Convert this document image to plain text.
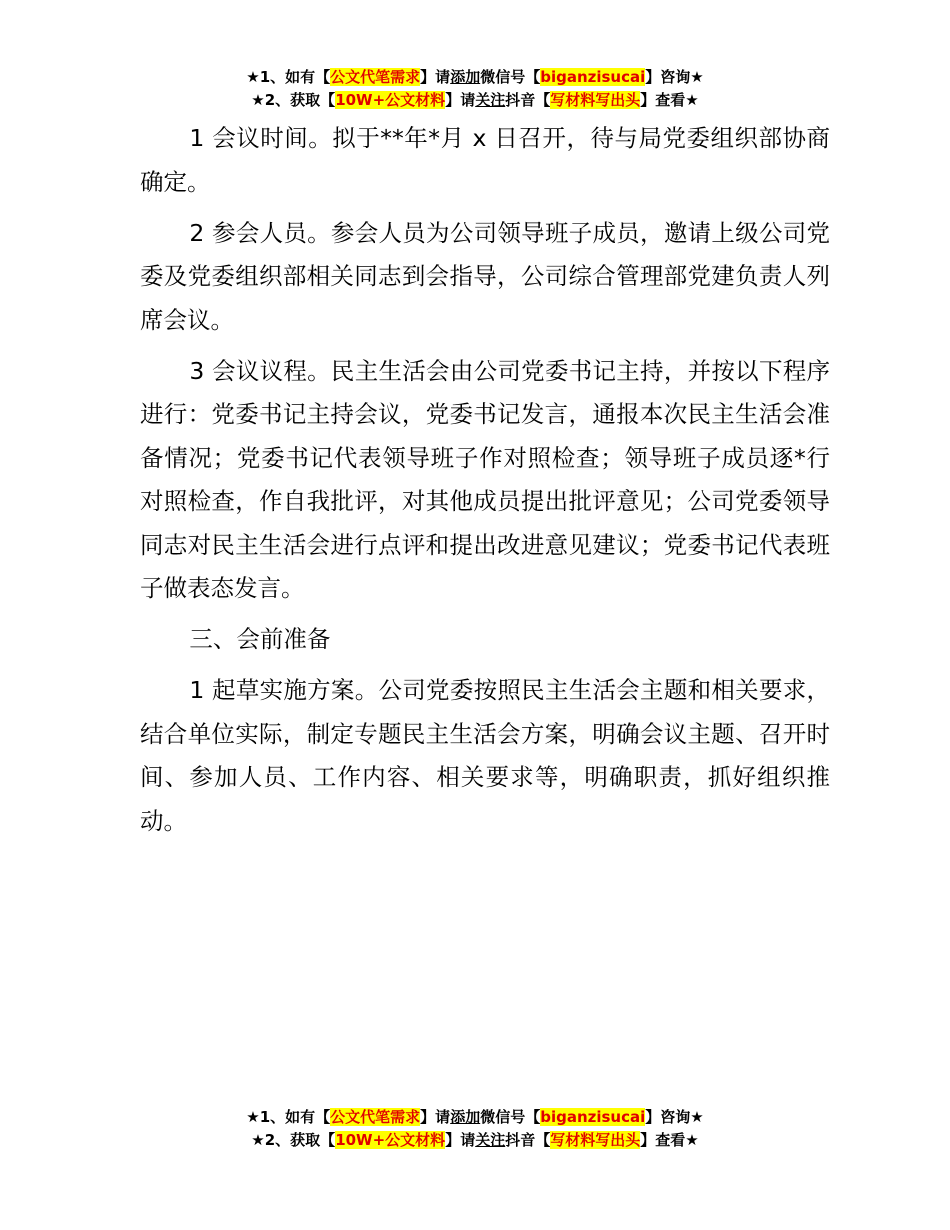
★1、如有【公文代笔需求】请添加微信号【biganzisucai】咨询★
★2、获取【10W+公文材料】请关注抖音【写材料写出头】查看★

1 会议时间。拟于**年*月 x 日召开，待与局党委组织部协商确定。

2 参会人员。参会人员为公司领导班子成员，邀请上级公司党委及党委组织部相关同志到会指导，公司综合管理部党建负责人列席会议。

3 会议议程。民主生活会由公司党委书记主持，并按以下程序进行：党委书记主持会议，党委书记发言，通报本次民主生活会准备情况；党委书记代表领导班子作对照检查；领导班子成员逐*行对照检查，作自我批评，对其他成员提出批评意见；公司党委领导同志对民主生活会进行点评和提出改进意见建议；党委书记代表班子做表态发言。

三、会前准备

1 起草实施方案。公司党委按照民主生活会主题和相关要求，结合单位实际，制定专题民主生活会方案，明确会议主题、召开时间、参加人员、工作内容、相关要求等，明确职责，抓好组织推动。

★1、如有【公文代笔需求】请添加微信号【biganzisucai】咨询★
★2、获取【10W+公文材料】请关注抖音【写材料写出头】查看★
